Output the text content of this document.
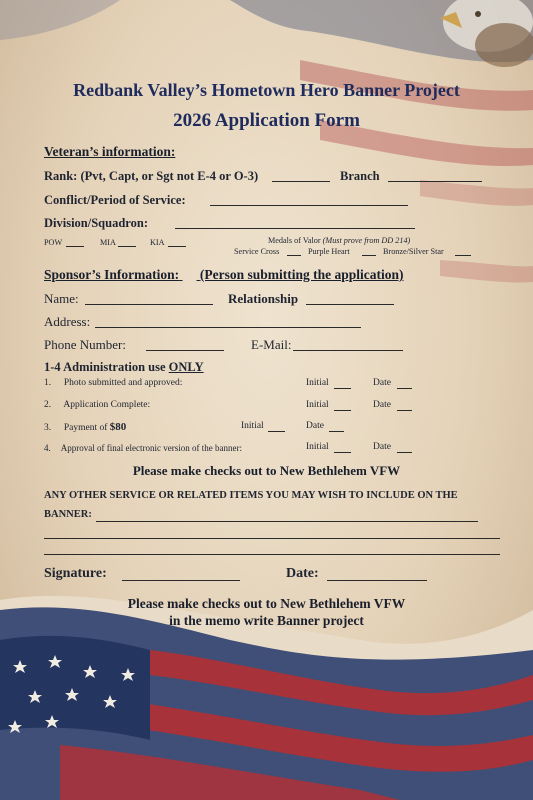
Redbank Valley’s Hometown Hero Banner Project
2026 Application Form
Veteran’s information:
Rank: (Pvt, Capt, or Sgt not E-4 or O-3)	Branch
Conflict/Period of Service:
Division/Squadron:
POW	MIA	KIA	Medals of Valor (Must prove from DD 214)
Service Cross	Purple Heart	Bronze/Silver Star
Sponsor’s Information: (Person submitting the application)
Name:	Relationship
Address:
Phone Number:	E-Mail:
1-4 Administration use ONLY
1. Photo submitted and approved:	Initial	Date
2. Application Complete:	Initial	Date
3. Payment of $80	Initial	Date
4. Approval of final electronic version of the banner:	Initial	Date
Please make checks out to New Bethlehem VFW
ANY OTHER SERVICE OR RELATED ITEMS YOU MAY WISH TO INCLUDE ON THE
BANNER:
Signature:	Date:
Please make checks out to New Bethlehem VFW
in the memo write Banner project
